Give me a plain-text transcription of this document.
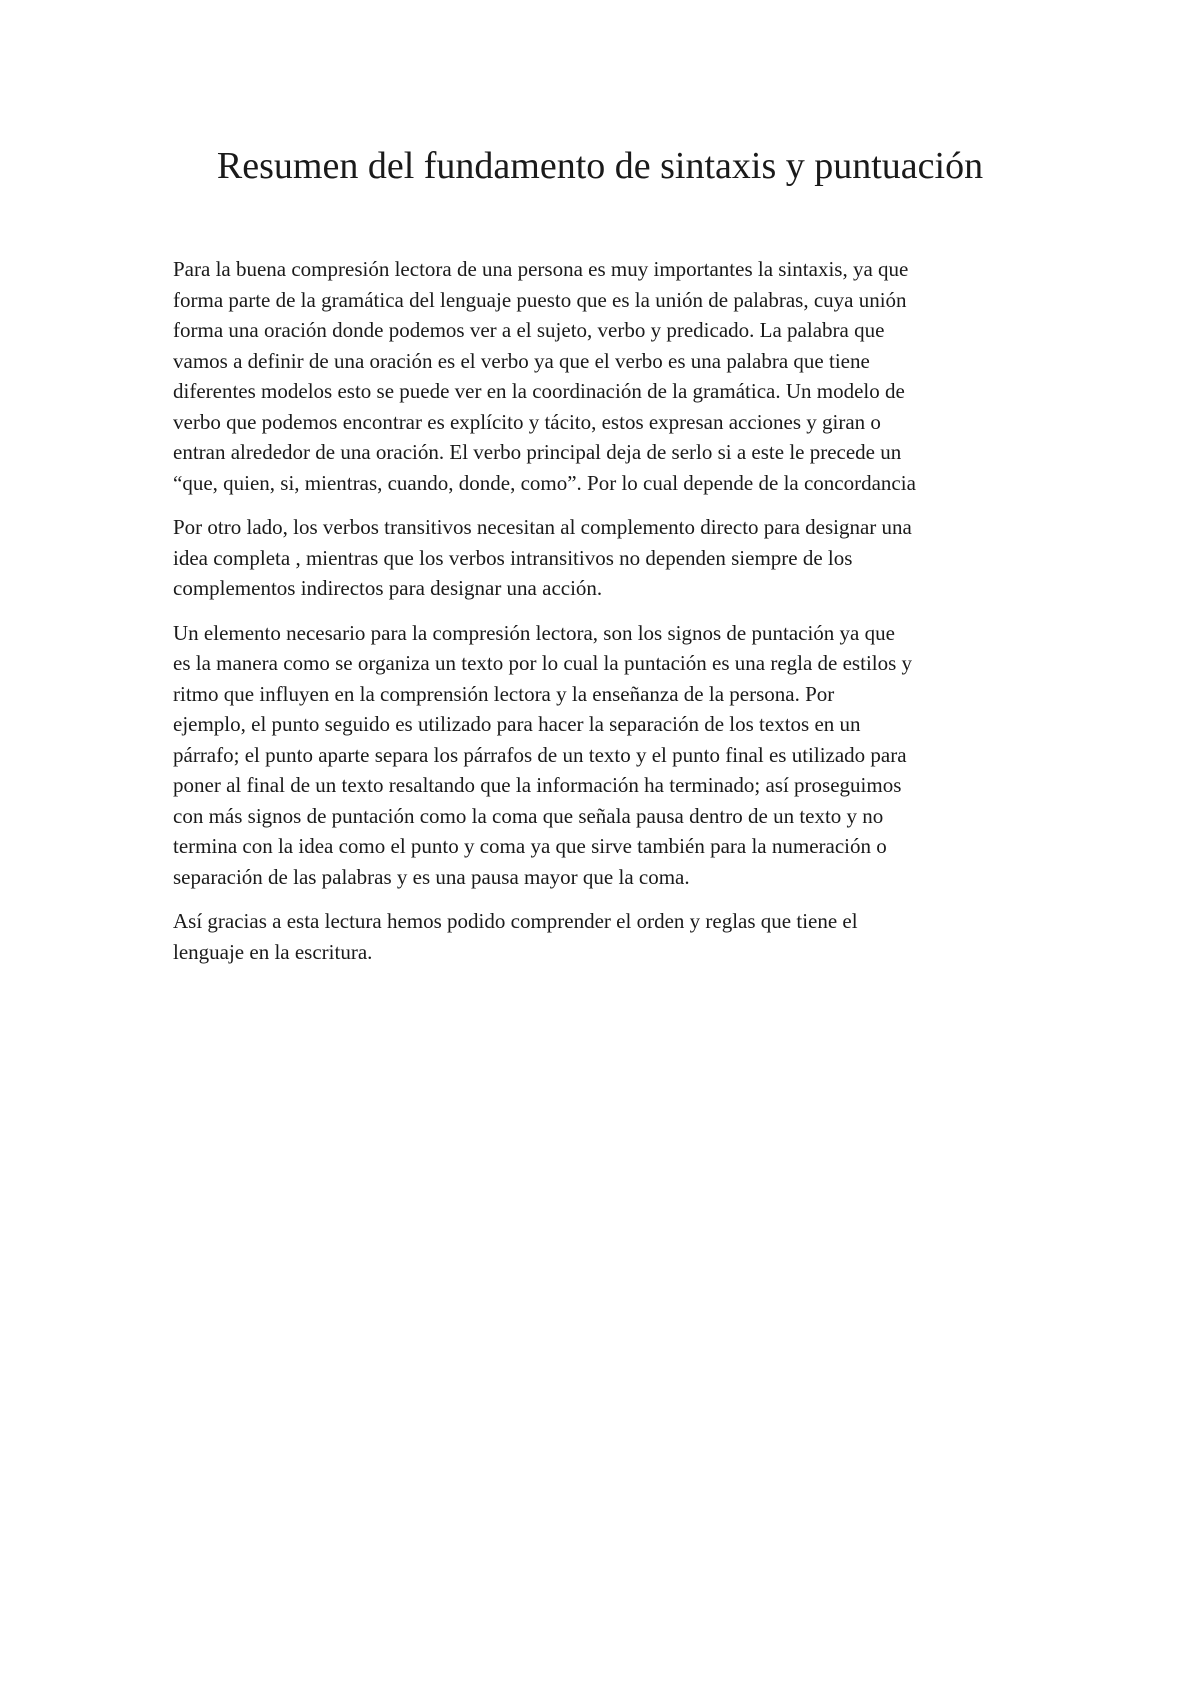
Resumen del fundamento de sintaxis y puntuación

Para la buena compresión lectora de una persona es muy importantes la sintaxis, ya que
forma parte de la gramática del lenguaje puesto que es la unión de palabras, cuya unión
forma una oración donde podemos ver a el sujeto, verbo y predicado. La palabra que
vamos a definir de una oración es el verbo ya que el verbo es una palabra que tiene
diferentes modelos esto se puede ver en la coordinación de la gramática. Un modelo de
verbo que podemos encontrar es explícito y tácito, estos expresan acciones y giran o
entran alrededor de una oración. El verbo principal deja de serlo si a este le precede un
“que, quien, si, mientras, cuando, donde, como”. Por lo cual depende de la concordancia

Por otro lado, los verbos transitivos necesitan al complemento directo para designar una
idea completa , mientras que los verbos intransitivos no dependen siempre de los
complementos indirectos para designar una acción.

Un elemento necesario para la compresión lectora, son los signos de puntación ya que
es la manera como se organiza un texto por lo cual la puntación es una regla de estilos y
ritmo que influyen en la comprensión lectora y la enseñanza de la persona. Por
ejemplo, el punto seguido es utilizado para hacer la separación de los textos en un
párrafo; el punto aparte separa los párrafos de un texto y el punto final es utilizado para
poner al final de un texto resaltando que la información ha terminado; así proseguimos
con más signos de puntación como la coma que señala pausa dentro de un texto y no
termina con la idea como el punto y coma ya que sirve también para la numeración o
separación de las palabras y es una pausa mayor que la coma.

Así gracias a esta lectura hemos podido comprender el orden y reglas que tiene el
lenguaje en la escritura.
